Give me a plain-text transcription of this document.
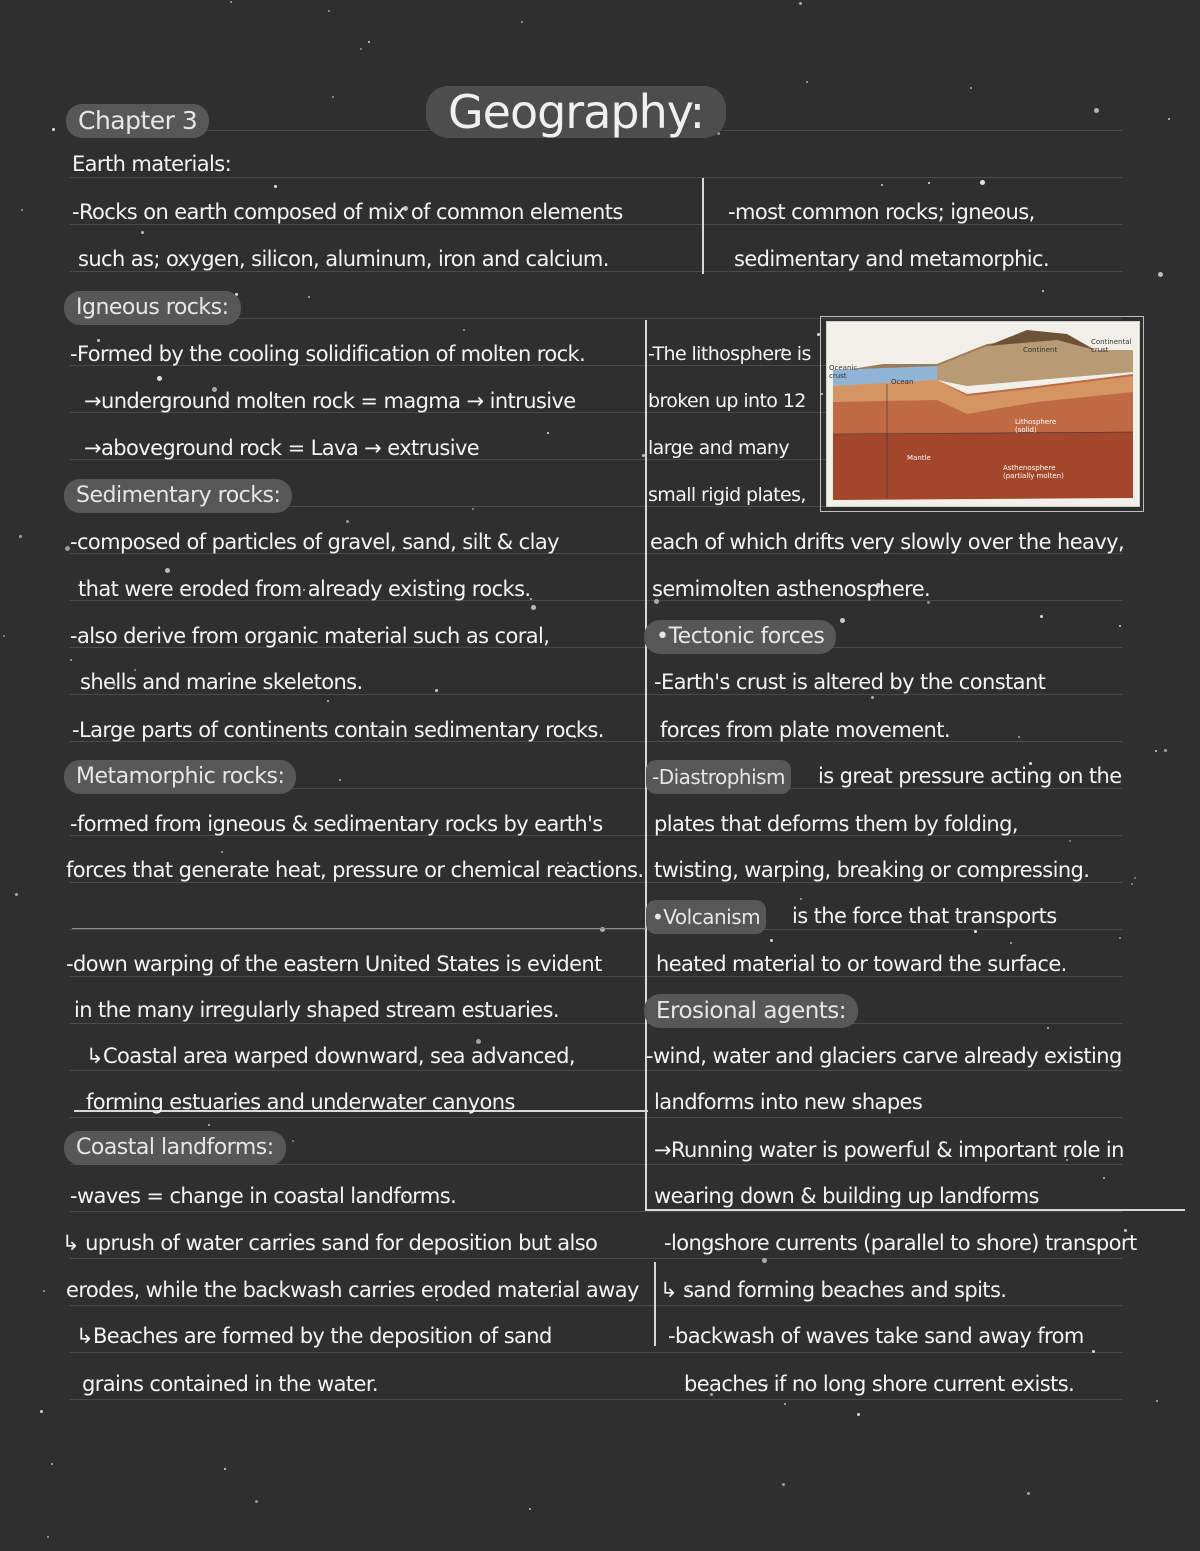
Chapter 3	Geography:
Earth materials:
-Rocks on earth composed of mix of common elements
such as; oxygen, silicon, aluminum, iron and calcium.
-most common rocks; igneous,
sedimentary and metamorphic.
Igneous rocks:
-Formed by the cooling solidification of molten rock.
→underground molten rock = magma → intrusive
→aboveground rock = Lava → extrusive
Sedimentary rocks:
-composed of particles of gravel, sand, silt & clay
that were eroded from already existing rocks.
-also derive from organic material such as coral,
shells and marine skeletons.
-Large parts of continents contain sedimentary rocks.
Metamorphic rocks:
-formed from igneous & sedimentary rocks by earth's
forces that generate heat, pressure or chemical reactions.
-down warping of the eastern United States is evident
in the many irregularly shaped stream estuaries.
↳Coastal area warped downward, sea advanced,
forming estuaries and underwater canyons
Coastal landforms:
-waves = change in coastal landforms.
↳ uprush of water carries sand for deposition but also
erodes, while the backwash carries eroded material away
↳Beaches are formed by the deposition of sand
grains contained in the water.
-The lithosphere is
broken up into 12
large and many
small rigid plates,
each of which drifts very slowly over the heavy,
semimolten asthenosphere.
Oceanic crust
Ocean
Continent
Continental crust
Lithosphere (solid)
Mantle
Asthenosphere (partially molten)
•Tectonic forces
-Earth's crust is altered by the constant
forces from plate movement.
-Diastrophism is great pressure acting on the
plates that deforms them by folding,
twisting, warping, breaking or compressing.
•Volcanism is the force that transports
heated material to or toward the surface.
Erosional agents:
-wind, water and glaciers carve already existing
landforms into new shapes
→Running water is powerful & important role in
wearing down & building up landforms
-longshore currents (parallel to shore) transport
↳ sand forming beaches and spits.
-backwash of waves take sand away from
beaches if no long shore current exists.
